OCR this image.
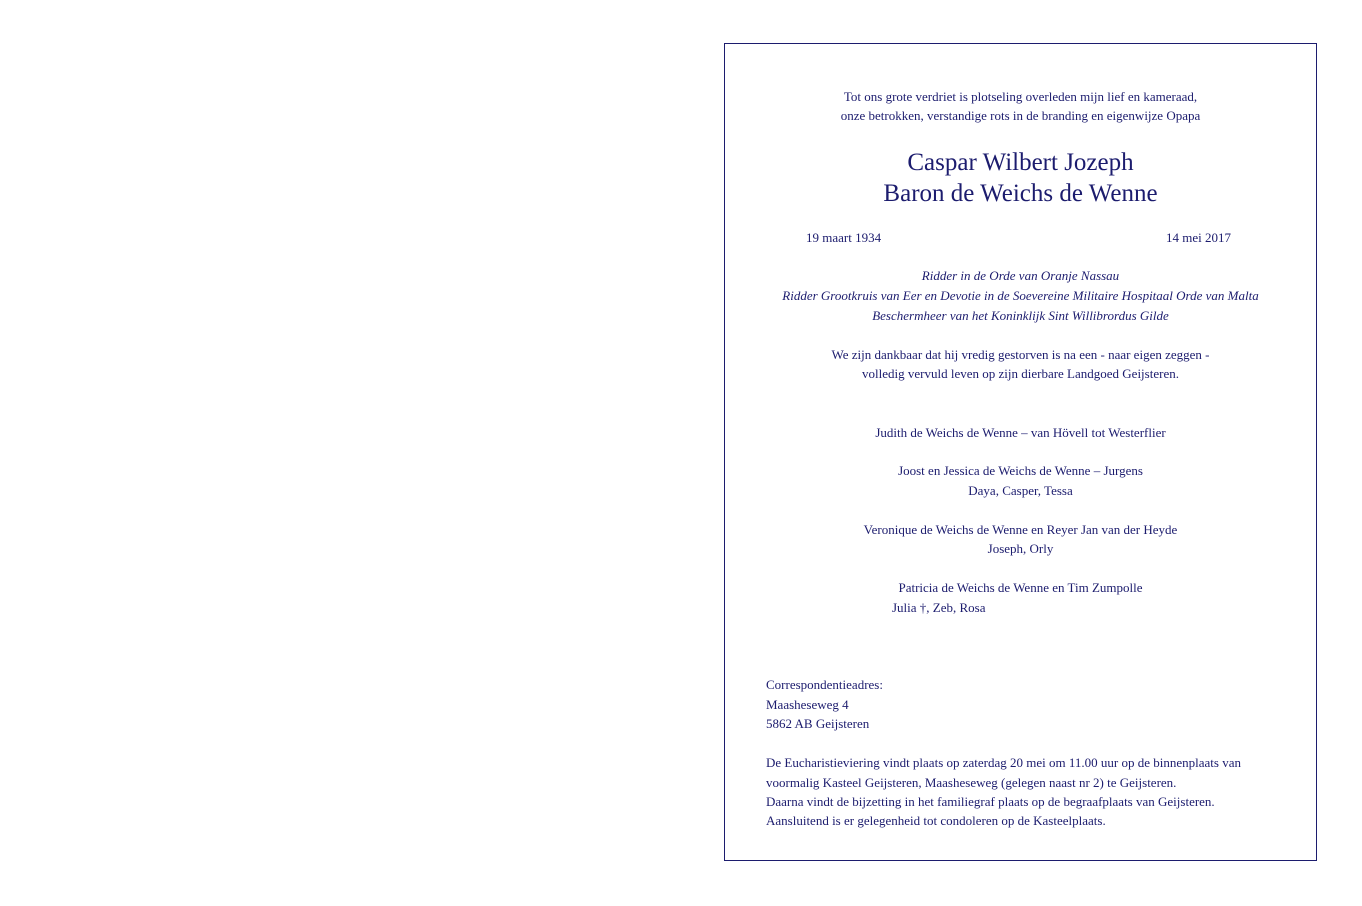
Tot ons grote verdriet is plotseling overleden mijn lief en kameraad,
onze betrokken, verstandige rots in de branding en eigenwijze Opapa
Caspar Wilbert Jozeph
Baron de Weichs de Wenne
19 maart 1934	14 mei 2017
Ridder in de Orde van Oranje Nassau
Ridder Grootkruis van Eer en Devotie in de Soevereine Militaire Hospitaal Orde van Malta
Beschermheer van het Koninklijk Sint Willibrordus Gilde
We zijn dankbaar dat hij vredig gestorven is na een - naar eigen zeggen -
volledig vervuld leven op zijn dierbare Landgoed Geijsteren.
Judith de Weichs de Wenne – van Hövell tot Westerflier
Joost en Jessica de Weichs de Wenne – Jurgens
Daya, Casper, Tessa
Veronique de Weichs de Wenne en Reyer Jan van der Heyde
Joseph, Orly
Patricia de Weichs de Wenne en Tim Zumpolle
Julia †, Zeb, Rosa
Correspondentieadres:
Maasheseweg 4
5862 AB Geijsteren
De Eucharistieviering vindt plaats op zaterdag 20 mei om 11.00 uur op de binnenplaats van
voormalig Kasteel Geijsteren, Maasheseweg (gelegen naast nr 2) te Geijsteren.
Daarna vindt de bijzetting in het familiegraf plaats op de begraafplaats van Geijsteren.
Aansluitend is er gelegenheid tot condoleren op de Kasteelplaats.
